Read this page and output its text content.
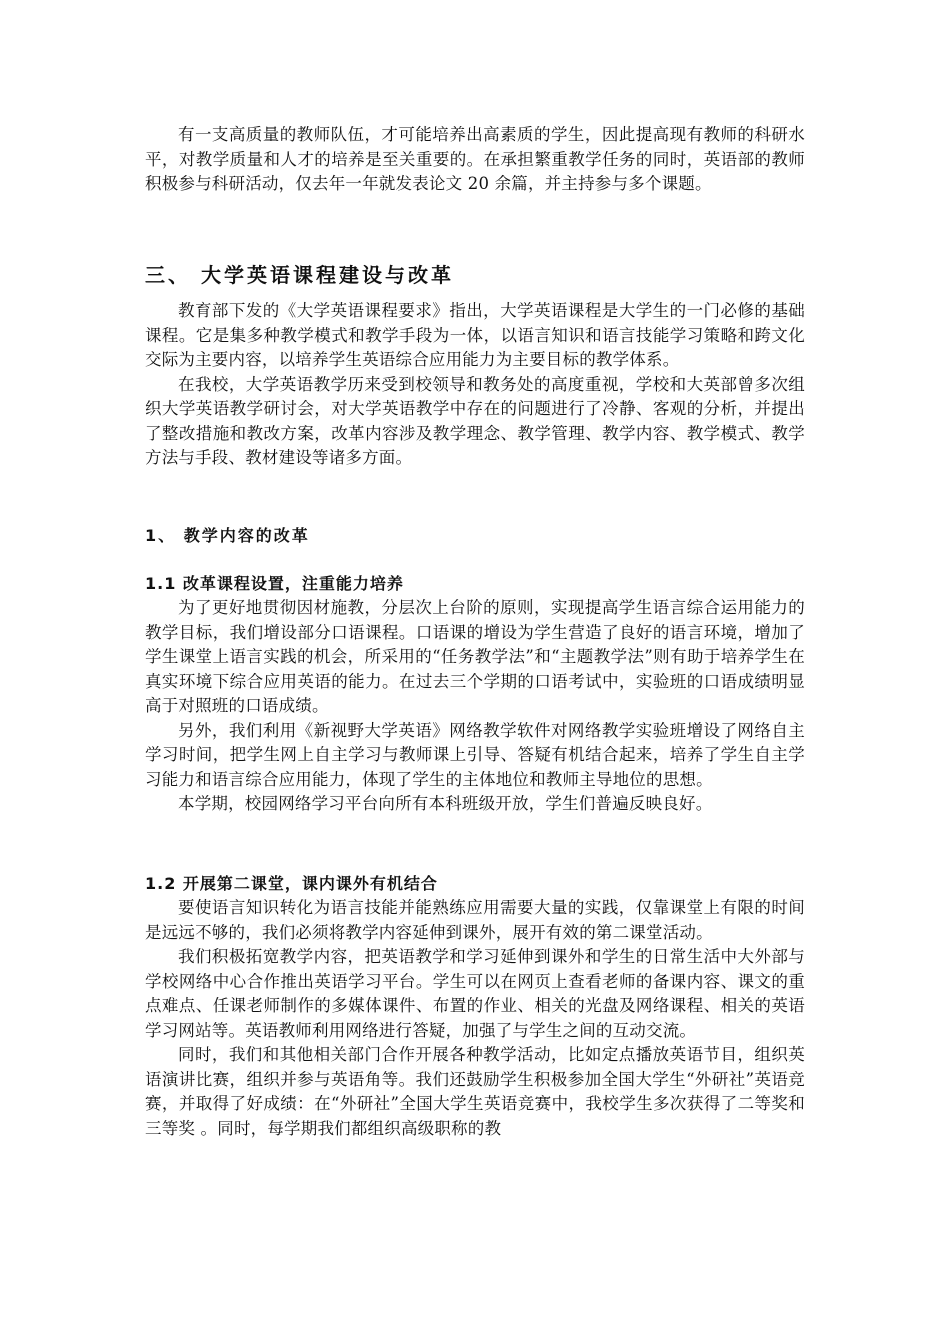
有一支高质量的教师队伍，才可能培养出高素质的学生，因此提高现有教师的科研水平，对教学质量和人才的培养是至关重要的。在承担繁重教学任务的同时，英语部的教师积极参与科研活动，仅去年一年就发表论文 20 余篇，并主持参与多个课题。

三、 大学英语课程建设与改革

教育部下发的《大学英语课程要求》指出，大学英语课程是大学生的一门必修的基础课程。它是集多种教学模式和教学手段为一体，以语言知识和语言技能学习策略和跨文化交际为主要内容，以培养学生英语综合应用能力为主要目标的教学体系。

在我校，大学英语教学历来受到校领导和教务处的高度重视，学校和大英部曾多次组织大学英语教学研讨会，对大学英语教学中存在的问题进行了冷静、客观的分析，并提出了整改措施和教改方案，改革内容涉及教学理念、教学管理、教学内容、教学模式、教学方法与手段、教材建设等诸多方面。

1、 教学内容的改革
1.1 改革课程设置，注重能力培养

为了更好地贯彻因材施教，分层次上台阶的原则，实现提高学生语言综合运用能力的教学目标，我们增设部分口语课程。口语课的增设为学生营造了良好的语言环境，增加了学生课堂上语言实践的机会，所采用的“任务教学法”和“主题教学法”则有助于培养学生在真实环境下综合应用英语的能力。在过去三个学期的口语考试中，实验班的口语成绩明显高于对照班的口语成绩。

另外，我们利用《新视野大学英语》网络教学软件对网络教学实验班增设了网络自主学习时间，把学生网上自主学习与教师课上引导、答疑有机结合起来，培养了学生自主学习能力和语言综合应用能力，体现了学生的主体地位和教师主导地位的思想。

本学期，校园网络学习平台向所有本科班级开放，学生们普遍反映良好。

1.2 开展第二课堂，课内课外有机结合

要使语言知识转化为语言技能并能熟练应用需要大量的实践，仅靠课堂上有限的时间是远远不够的，我们必须将教学内容延伸到课外，展开有效的第二课堂活动。

我们积极拓宽教学内容，把英语教学和学习延伸到课外和学生的日常生活中大外部与学校网络中心合作推出英语学习平台。学生可以在网页上查看老师的备课内容、课文的重点难点、任课老师制作的多媒体课件、布置的作业、相关的光盘及网络课程、相关的英语学习网站等。英语教师利用网络进行答疑，加强了与学生之间的互动交流。

同时，我们和其他相关部门合作开展各种教学活动，比如定点播放英语节目，组织英语演讲比赛，组织并参与英语角等。我们还鼓励学生积极参加全国大学生“外研社”英语竞赛，并取得了好成绩：在“外研社”全国大学生英语竞赛中，我校学生多次获得了二等奖和三等奖 。同时，每学期我们都组织高级职称的教
